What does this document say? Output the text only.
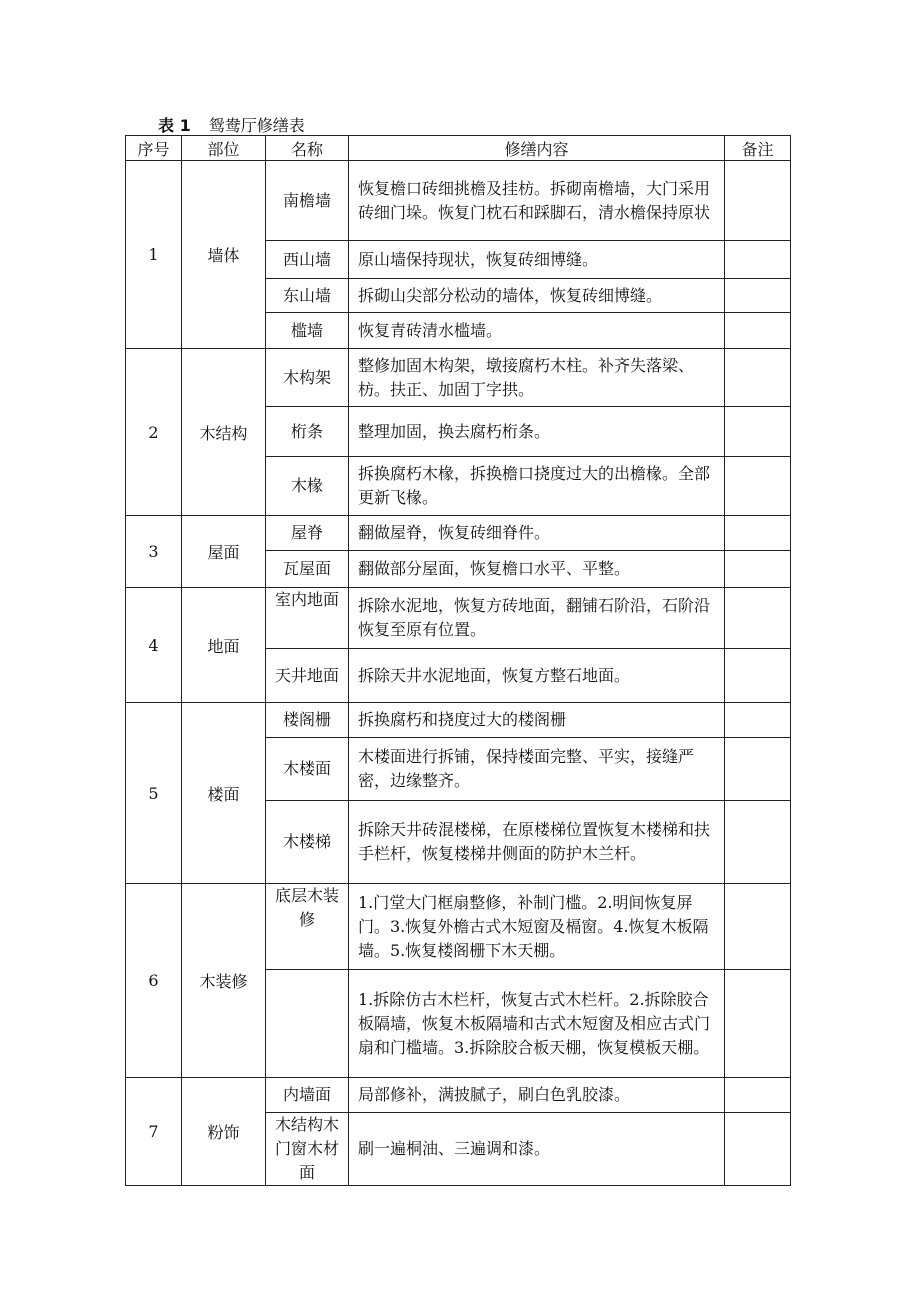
表 1 鸳鸯厅修缮表
序号	部位	名称	修缮内容	备注
1	墙体	南檐墙	恢复檐口砖细挑檐及挂枋。拆砌南檐墙，大门采用砖细门垛。恢复门枕石和踩脚石，清水檐保持原状	
		西山墙	原山墙保持现状，恢复砖细博缝。	
		东山墙	拆砌山尖部分松动的墙体，恢复砖细博缝。	
		槛墙	恢复青砖清水槛墙。	
2	木结构	木构架	整修加固木构架，墩接腐朽木柱。补齐失落梁、枋。扶正、加固丁字拱。	
		桁条	整理加固，换去腐朽桁条。	
		木椽	拆换腐朽木椽，拆换檐口挠度过大的出檐椽。全部更新飞椽。	
3	屋面	屋脊	翻做屋脊，恢复砖细脊件。	
		瓦屋面	翻做部分屋面，恢复檐口水平、平整。	
4	地面	室内地面	拆除水泥地，恢复方砖地面，翻铺石阶沿，石阶沿恢复至原有位置。	
		天井地面	拆除天井水泥地面，恢复方整石地面。	
5	楼面	楼阁栅	拆换腐朽和挠度过大的楼阁栅	
		木楼面	木楼面进行拆铺，保持楼面完整、平实，接缝严密，边缘整齐。	
		木楼梯	拆除天井砖混楼梯，在原楼梯位置恢复木楼梯和扶手栏杆，恢复楼梯井侧面的防护木兰杆。	
6	木装修	底层木装修	1.门堂大门框扇整修，补制门槛。2.明间恢复屏门。3.恢复外檐古式木短窗及槅窗。4.恢复木板隔墙。5.恢复楼阁栅下木天棚。	
			1.拆除仿古木栏杆，恢复古式木栏杆。2.拆除胶合板隔墙，恢复木板隔墙和古式木短窗及相应古式门扇和门槛墙。3.拆除胶合板天棚，恢复模板天棚。	
7	粉饰	内墙面	局部修补，满披腻子，刷白色乳胶漆。	
		木结构木门窗木材面	刷一遍桐油、三遍调和漆。	
